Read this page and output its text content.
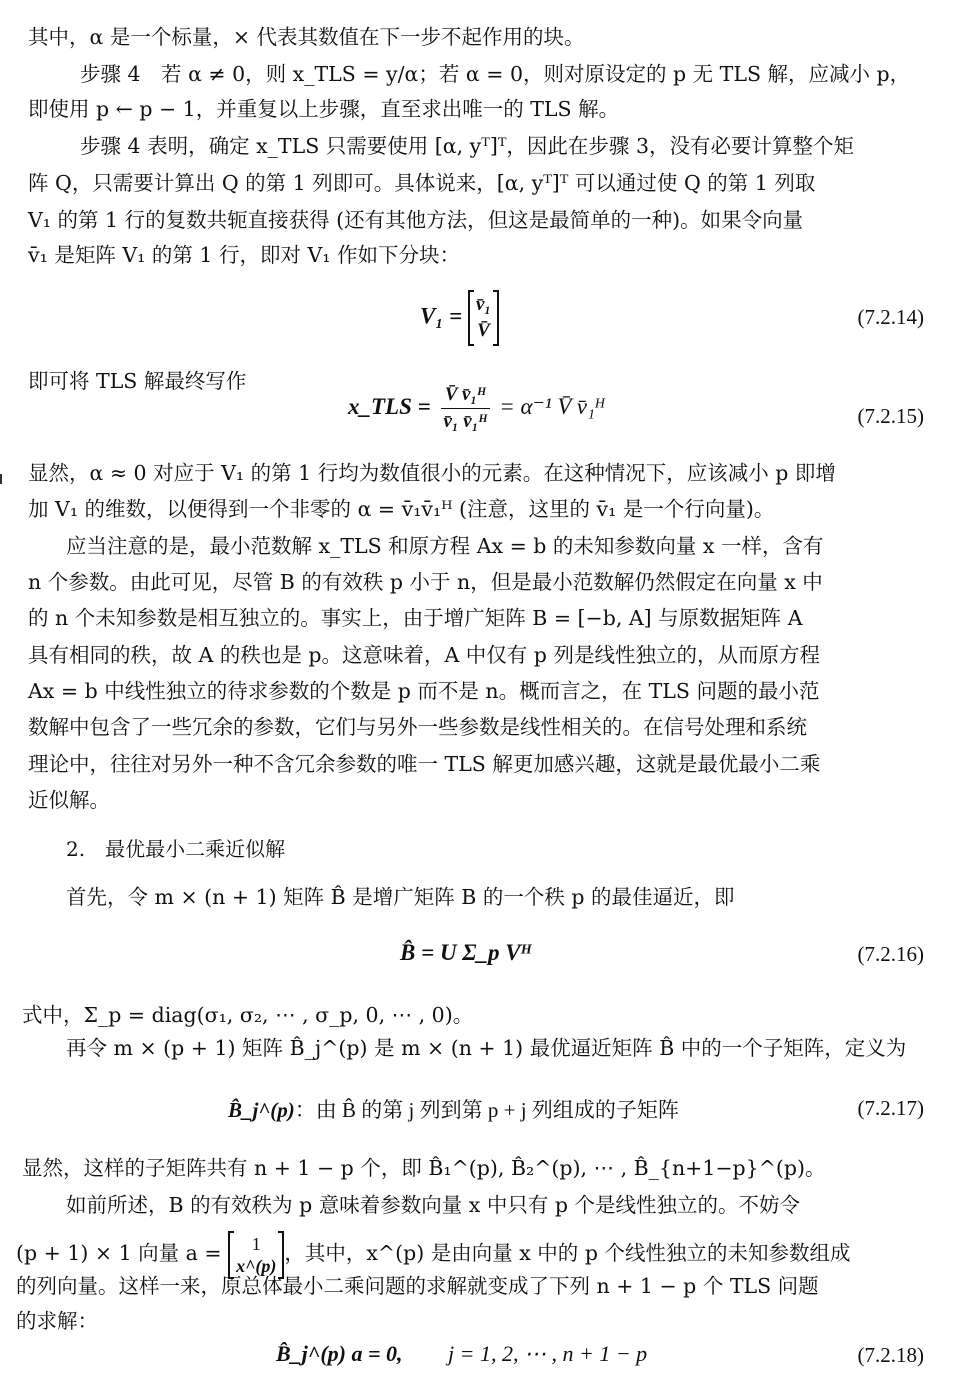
其中，α 是一个标量，× 代表其数值在下一步不起作用的块。
步骤 4　若 α ≠ 0，则 x_TLS = y/α；若 α = 0，则对原设定的 p 无 TLS 解，应减小 p，
即使用 p ← p − 1，并重复以上步骤，直至求出唯一的 TLS 解。
步骤 4 表明，确定 x_TLS 只需要使用 [α, yᵀ]ᵀ，因此在步骤 3，没有必要计算整个矩
阵 Q，只需要计算出 Q 的第 1 列即可。具体说来，[α, yᵀ]ᵀ 可以通过使 Q 的第 1 列取
V₁ 的第 1 行的复数共轭直接获得 (还有其他方法，但这是最简单的一种)。如果令向量
v̄₁ 是矩阵 V₁ 的第 1 行，即对 V₁ 作如下分块：
V₁ = v̄₁
V̄
(7.2.14)
即可将 TLS 解最终写作
x_TLS = $\frac{\text{V̄ v̄₁ᴴ}}{\text{v̄₁ v̄₁ᴴ}} = \alpha^{-1}$ V̄ v̄₁ᴴ	(7.2.15)
显然，α ≈ 0 对应于 V₁ 的第 1 行均为数值很小的元素。在这种情况下，应该减小 p 即增
加 V₁ 的维数，以便得到一个非零的 α = v̄₁v̄₁ᴴ (注意，这里的 v̄₁ 是一个行向量)。
应当注意的是，最小范数解 x_TLS 和原方程 Ax = b 的未知参数向量 x 一样，含有
n 个参数。由此可见，尽管 B 的有效秩 p 小于 n，但是最小范数解仍然假定在向量 x 中
的 n 个未知参数是相互独立的。事实上，由于增广矩阵 B = [−b, A] 与原数据矩阵 A
具有相同的秩，故 A 的秩也是 p。这意味着，A 中仅有 p 列是线性独立的，从而原方程
Ax = b 中线性独立的待求参数的个数是 p 而不是 n。概而言之，在 TLS 问题的最小范
数解中包含了一些冗余的参数，它们与另外一些参数是线性相关的。在信号处理和系统
理论中，往往对另外一种不含冗余参数的唯一 TLS 解更加感兴趣，这就是最优最小二乘
近似解。
2.　最优最小二乘近似解
首先，令 m × (n + 1) 矩阵 B̂ 是增广矩阵 B 的一个秩 p 的最佳逼近，即
B̂ = U Σ_p Vᴴ	(7.2.16)
式中，Σ_p = diag(σ₁, σ₂, ⋯ , σ_p, 0, ⋯ , 0)。
再令 m × (p + 1) 矩阵 B̂_j^(p) 是 m × (n + 1) 最优逼近矩阵 B̂ 中的一个子矩阵，定义为
B̂_j^(p)：由 B̂ 的第 j 列到第 p + j 列组成的子矩阵	(7.2.17)
显然，这样的子矩阵共有 n + 1 − p 个，即 B̂₁^(p), B̂₂^(p), ⋯ , B̂_{n+1−p}^(p)。
如前所述，B 的有效秩为 p 意味着参数向量 x 中只有 p 个是线性独立的。不妨令
(p + 1) × 1 向量 a =	1
x^(p)
，其中，x^(p) 是由向量 x 中的 p 个线性独立的未知参数组成
的列向量。这样一来，原总体最小二乘问题的求解就变成了下列 n + 1 − p 个 TLS 问题
的求解：
B̂_j^(p) a = 0, j = 1, 2, ⋯ , n + 1 − p	(7.2.18)
